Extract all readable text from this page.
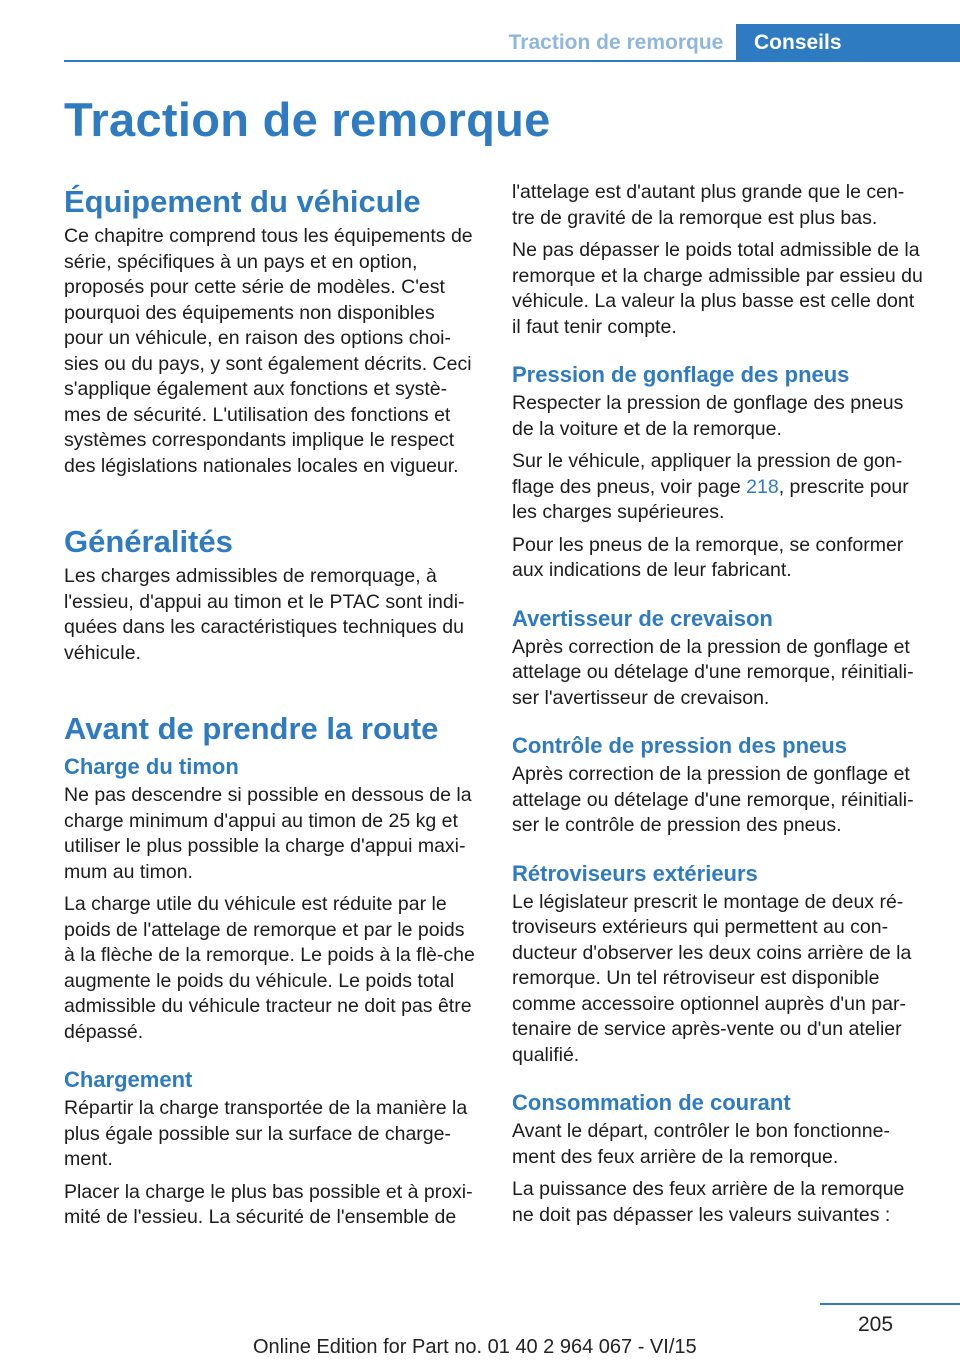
Traction de remorque	Conseils
Traction de remorque
Équipement du véhicule

Ce chapitre comprend tous les équipements de série, spécifiques à un pays et en option, proposés pour cette série de modèles. C'est pourquoi des équipements non disponibles pour un véhicule, en raison des options choi-sies ou du pays, y sont également décrits. Ceci s'applique également aux fonctions et systè-mes de sécurité. L'utilisation des fonctions et systèmes correspondants implique le respect des législations nationales locales en vigueur.

Généralités

Les charges admissibles de remorquage, à l'essieu, d'appui au timon et le PTAC sont indi-quées dans les caractéristiques techniques du véhicule.

Avant de prendre la route
Charge du timon

Ne pas descendre si possible en dessous de la charge minimum d'appui au timon de 25 kg et utiliser le plus possible la charge d'appui maxi-mum au timon.

La charge utile du véhicule est réduite par le poids de l'attelage de remorque et par le poids à la flèche de la remorque. Le poids à la flè-che augmente le poids du véhicule. Le poids total admissible du véhicule tracteur ne doit pas être dépassé.

Chargement

Répartir la charge transportée de la manière la plus égale possible sur la surface de charge-ment.

Placer la charge le plus bas possible et à proxi-mité de l'essieu. La sécurité de l'ensemble de

l'attelage est d'autant plus grande que le cen-tre de gravité de la remorque est plus bas.

Ne pas dépasser le poids total admissible de la remorque et la charge admissible par essieu du véhicule. La valeur la plus basse est celle dont il faut tenir compte.

Pression de gonflage des pneus

Respecter la pression de gonflage des pneus de la voiture et de la remorque.

Sur le véhicule, appliquer la pression de gon-flage des pneus, voir page 218, prescrite pour les charges supérieures.

Pour les pneus de la remorque, se conformer aux indications de leur fabricant.

Avertisseur de crevaison

Après correction de la pression de gonflage et attelage ou dételage d'une remorque, réinitiali-ser l'avertisseur de crevaison.

Contrôle de pression des pneus

Après correction de la pression de gonflage et attelage ou dételage d'une remorque, réinitiali-ser le contrôle de pression des pneus.

Rétroviseurs extérieurs

Le législateur prescrit le montage de deux ré-troviseurs extérieurs qui permettent au con-ducteur d'observer les deux coins arrière de la remorque. Un tel rétroviseur est disponible comme accessoire optionnel auprès d'un par-tenaire de service après-vente ou d'un atelier qualifié.

Consommation de courant

Avant le départ, contrôler le bon fonctionne-ment des feux arrière de la remorque.

La puissance des feux arrière de la remorque ne doit pas dépasser les valeurs suivantes :

205
Online Edition for Part no. 01 40 2 964 067 - VI/15
